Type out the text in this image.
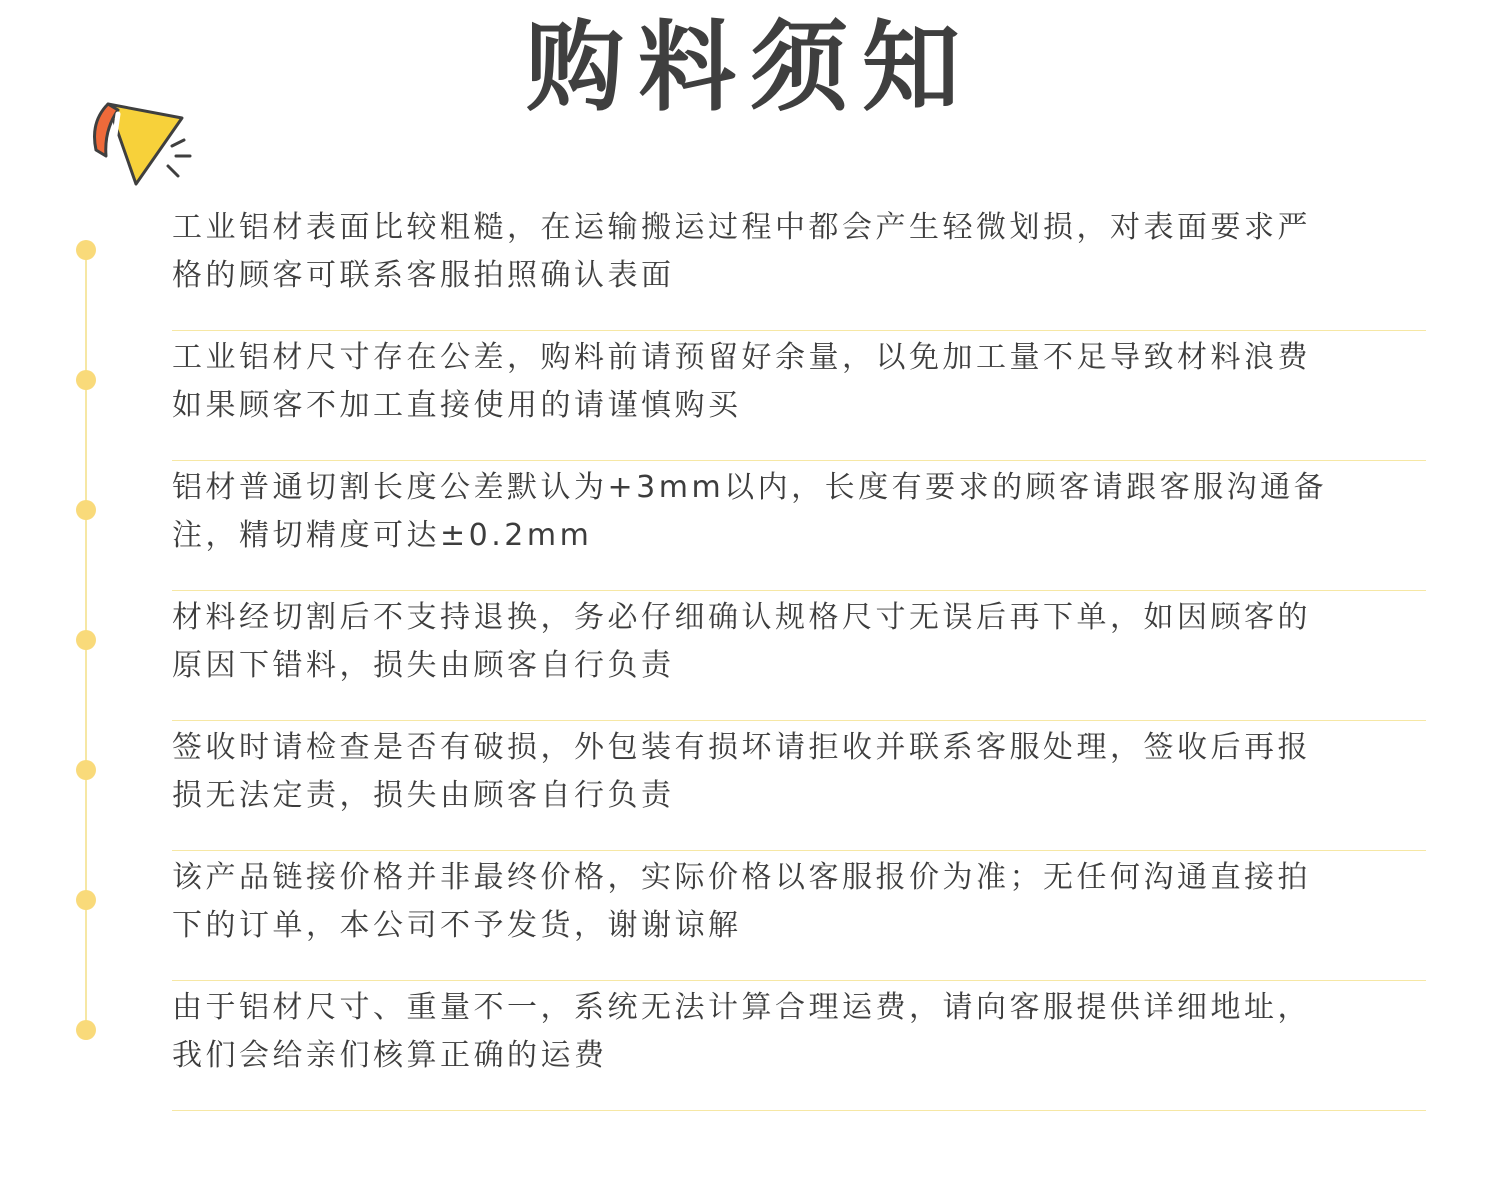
购料须知

工业铝材表面比较粗糙，在运输搬运过程中都会产生轻微划损，对表面要求严
格的顾客可联系客服拍照确认表面

工业铝材尺寸存在公差，购料前请预留好余量，以免加工量不足导致材料浪费
如果顾客不加工直接使用的请谨慎购买

铝材普通切割长度公差默认为+3mm以内，长度有要求的顾客请跟客服沟通备
注，精切精度可达±0.2mm

材料经切割后不支持退换，务必仔细确认规格尺寸无误后再下单，如因顾客的
原因下错料，损失由顾客自行负责

签收时请检查是否有破损，外包装有损坏请拒收并联系客服处理，签收后再报
损无法定责，损失由顾客自行负责

该产品链接价格并非最终价格，实际价格以客服报价为准；无任何沟通直接拍
下的订单，本公司不予发货，谢谢谅解

由于铝材尺寸、重量不一，系统无法计算合理运费，请向客服提供详细地址，
我们会给亲们核算正确的运费
